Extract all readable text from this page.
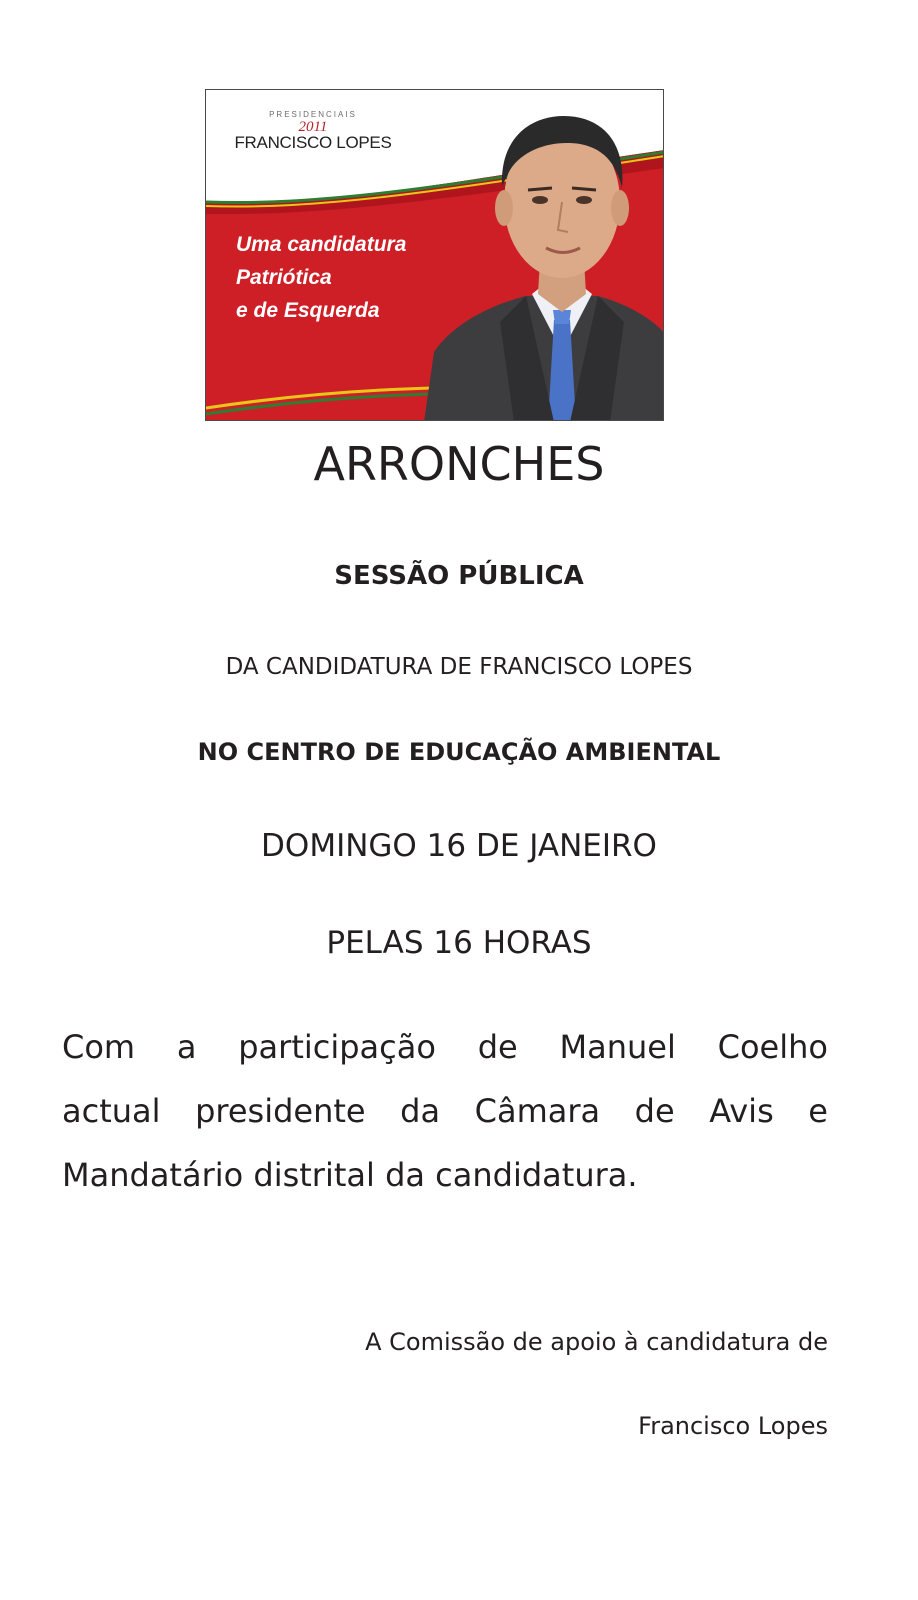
PRESIDENCIAIS
2011
FRANCISCO LOPES
Uma candidatura
Patriótica
e de Esquerda
ARRONCHES
SESSÃO PÚBLICA
DA CANDIDATURA DE FRANCISCO LOPES
NO CENTRO DE EDUCAÇÃO AMBIENTAL
DOMINGO 16 DE JANEIRO
PELAS 16 HORAS
Com a participação de Manuel Coelho
actual presidente da Câmara de Avis e
Mandatário distrital da candidatura.
A Comissão de apoio à candidatura de
Francisco Lopes
